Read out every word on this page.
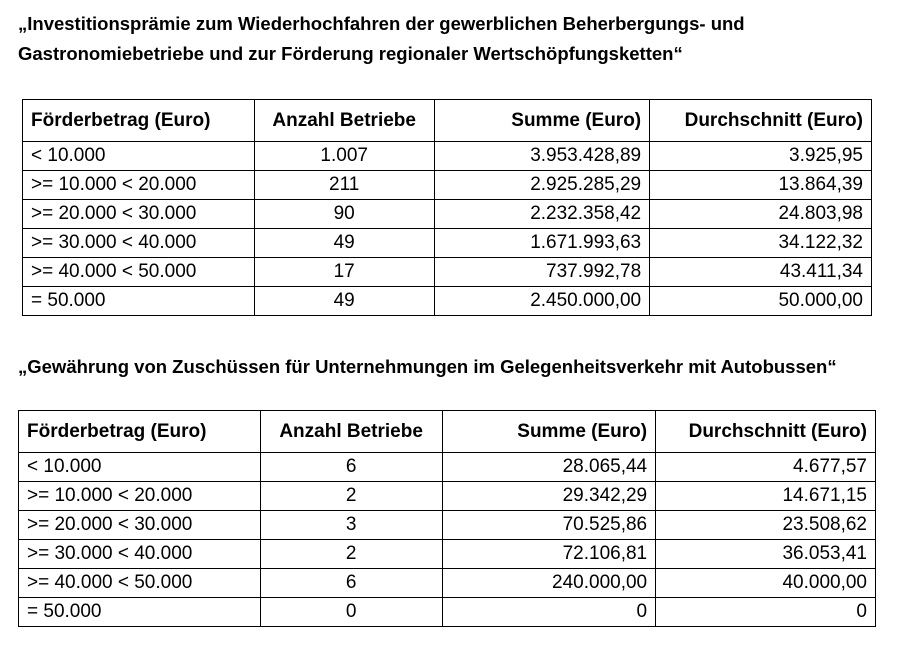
„Investitionsprämie zum Wiederhochfahren der gewerblichen Beherbergungs- und
Gastronomiebetriebe und zur Förderung regionaler Wertschöpfungsketten“
Förderbetrag (Euro)	Anzahl Betriebe	Summe (Euro)	Durchschnitt (Euro)
< 10.000	1.007	3.953.428,89	3.925,95
>= 10.000 < 20.000	211	2.925.285,29	13.864,39
>= 20.000 < 30.000	90	2.232.358,42	24.803,98
>= 30.000 < 40.000	49	1.671.993,63	34.122,32
>= 40.000 < 50.000	17	737.992,78	43.411,34
= 50.000	49	2.450.000,00	50.000,00
„Gewährung von Zuschüssen für Unternehmungen im Gelegenheitsverkehr mit Autobussen“
Förderbetrag (Euro)	Anzahl Betriebe	Summe (Euro)	Durchschnitt (Euro)
< 10.000	6	28.065,44	4.677,57
>= 10.000 < 20.000	2	29.342,29	14.671,15
>= 20.000 < 30.000	3	70.525,86	23.508,62
>= 30.000 < 40.000	2	72.106,81	36.053,41
>= 40.000 < 50.000	6	240.000,00	40.000,00
= 50.000	0	0	0
